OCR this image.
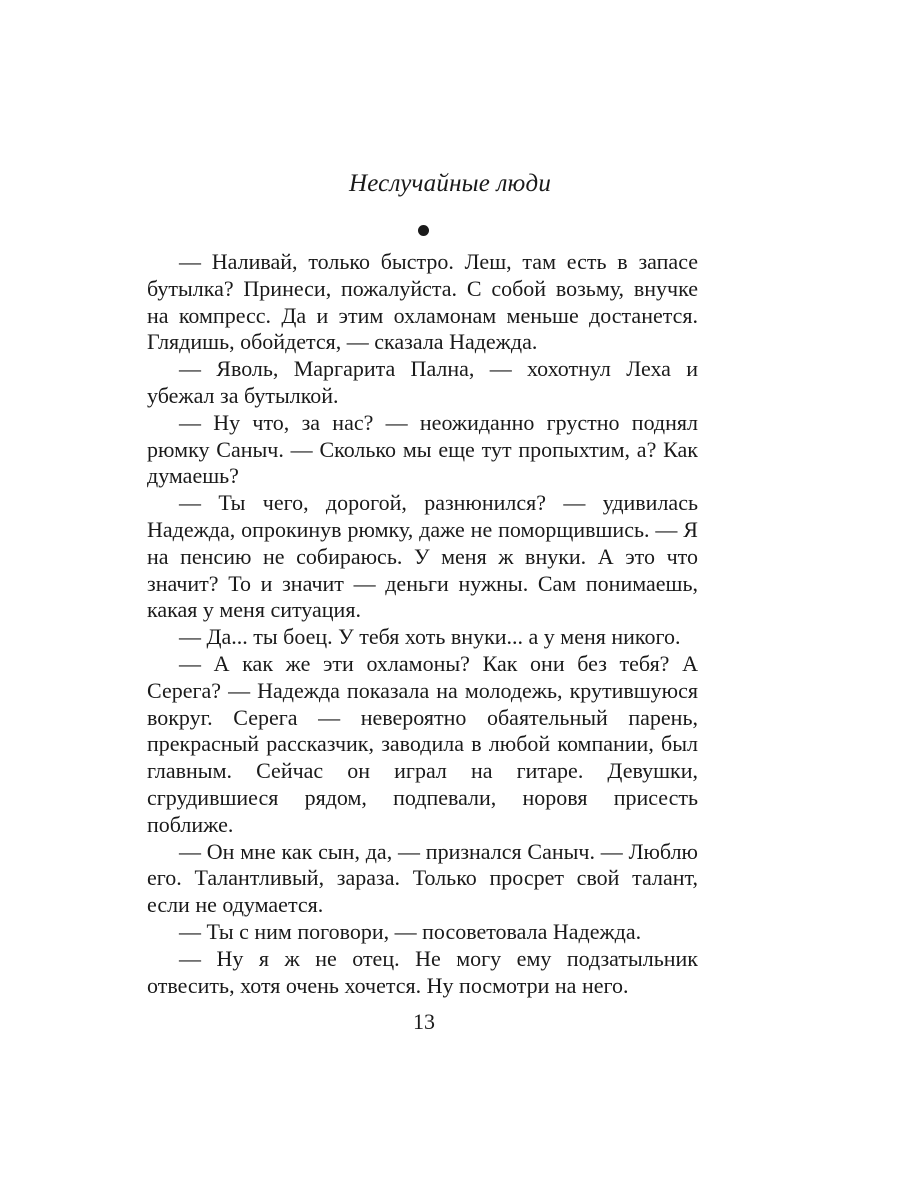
Неслучайные люди

— Наливай, только быстро. Леш, там есть в запасе бутылка? Принеси, пожалуйста. С собой возьму, внучке на компресс. Да и этим охламонам меньше достанется. Глядишь, обойдется, — сказала Надежда.

— Яволь, Маргарита Пална, — хохотнул Леха и убежал за бутылкой.

— Ну что, за нас? — неожиданно грустно поднял рюмку Саныч. — Сколько мы еще тут пропыхтим, а? Как думаешь?

— Ты чего, дорогой, разнюнился? — удивилась Надежда, опрокинув рюмку, даже не поморщившись. — Я на пенсию не собираюсь. У меня ж внуки. А это что значит? То и значит — деньги нужны. Сам понимаешь, какая у меня ситуация.

— Да... ты боец. У тебя хоть внуки... а у меня никого.

— А как же эти охламоны? Как они без тебя? А Серега? — Надежда показала на молодежь, крутившуюся вокруг. Серега — невероятно обаятельный парень, прекрасный рассказчик, заводила в любой компании, был главным. Сейчас он играл на гитаре. Девушки, сгрудившиеся рядом, подпевали, норовя присесть поближе.

— Он мне как сын, да, — признался Саныч. — Люблю его. Талантливый, зараза. Только просрет свой талант, если не одумается.

— Ты с ним поговори, — посоветовала Надежда.

— Ну я ж не отец. Не могу ему подзатыльник отвесить, хотя очень хочется. Ну посмотри на него.

13
